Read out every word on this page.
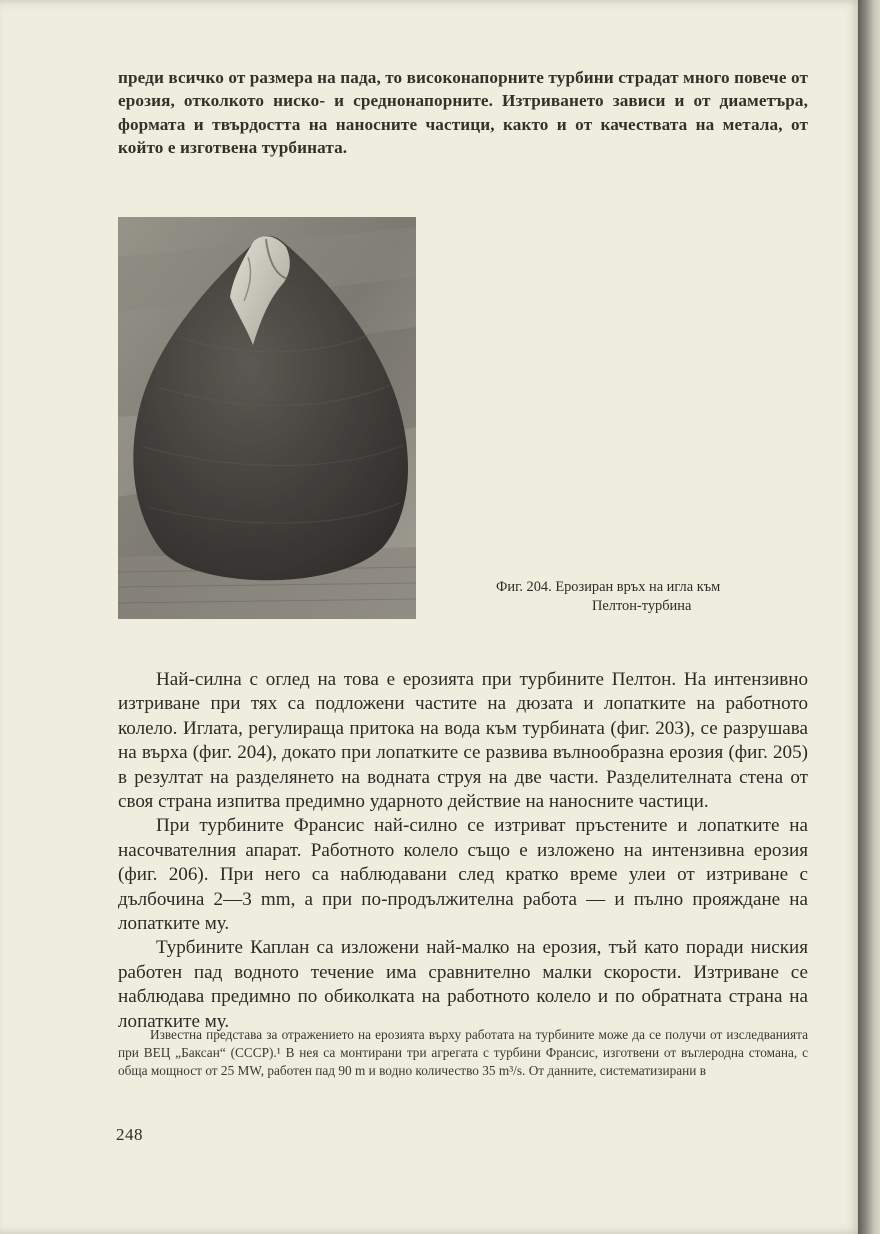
преди всичко от размера на пада, то високонапорните турбини страдат много повече от ерозия, отколкото ниско- и среднонапорните. Изтриването зависи и от диаметъра, формата и твърдостта на наносните частици, както и от качествата на метала, от който е изготвена турбината.

Фиг. 204. Ерозиран връх на игла към
Пелтон-турбина

Най-силна с оглед на това е ерозията при турбините Пелтон. На интензивно изтриване при тях са подложени частите на дюзата и лопатките на работното колело. Иглата, регулираща притока на вода към турбината (фиг. 203), се разрушава на върха (фиг. 204), докато при лопатките се развива вълнообразна ерозия (фиг. 205) в резултат на разделянето на водната струя на две части. Разделителната стена от своя страна изпитва предимно ударното действие на наносните частици.

При турбините Франсис най-силно се изтриват пръстените и лопатките на насочвателния апарат. Работното колело също е изложено на интензивна ерозия (фиг. 206). При него са наблюдавани след кратко време улеи от изтриване с дълбочина 2—3 mm, а при по-продължителна работа — и пълно прояждане на лопатките му.

Турбините Каплан са изложени най-малко на ерозия, тъй като поради ниския работен пад водното течение има сравнително малки скорости. Изтриване се наблюдава предимно по обиколката на работното колело и по обратната страна на лопатките му.

Известна представа за отражението на ерозията върху работата на турбините може да се получи от изследванията при ВЕЦ „Баксан“ (СССР).¹ В нея са монтирани три агрегата с турбини Франсис, изготвени от въглеродна стомана, с обща мощност от 25 MW, работен пад 90 m и водно количество 35 m³/s. От данните, систематизирани в

248
